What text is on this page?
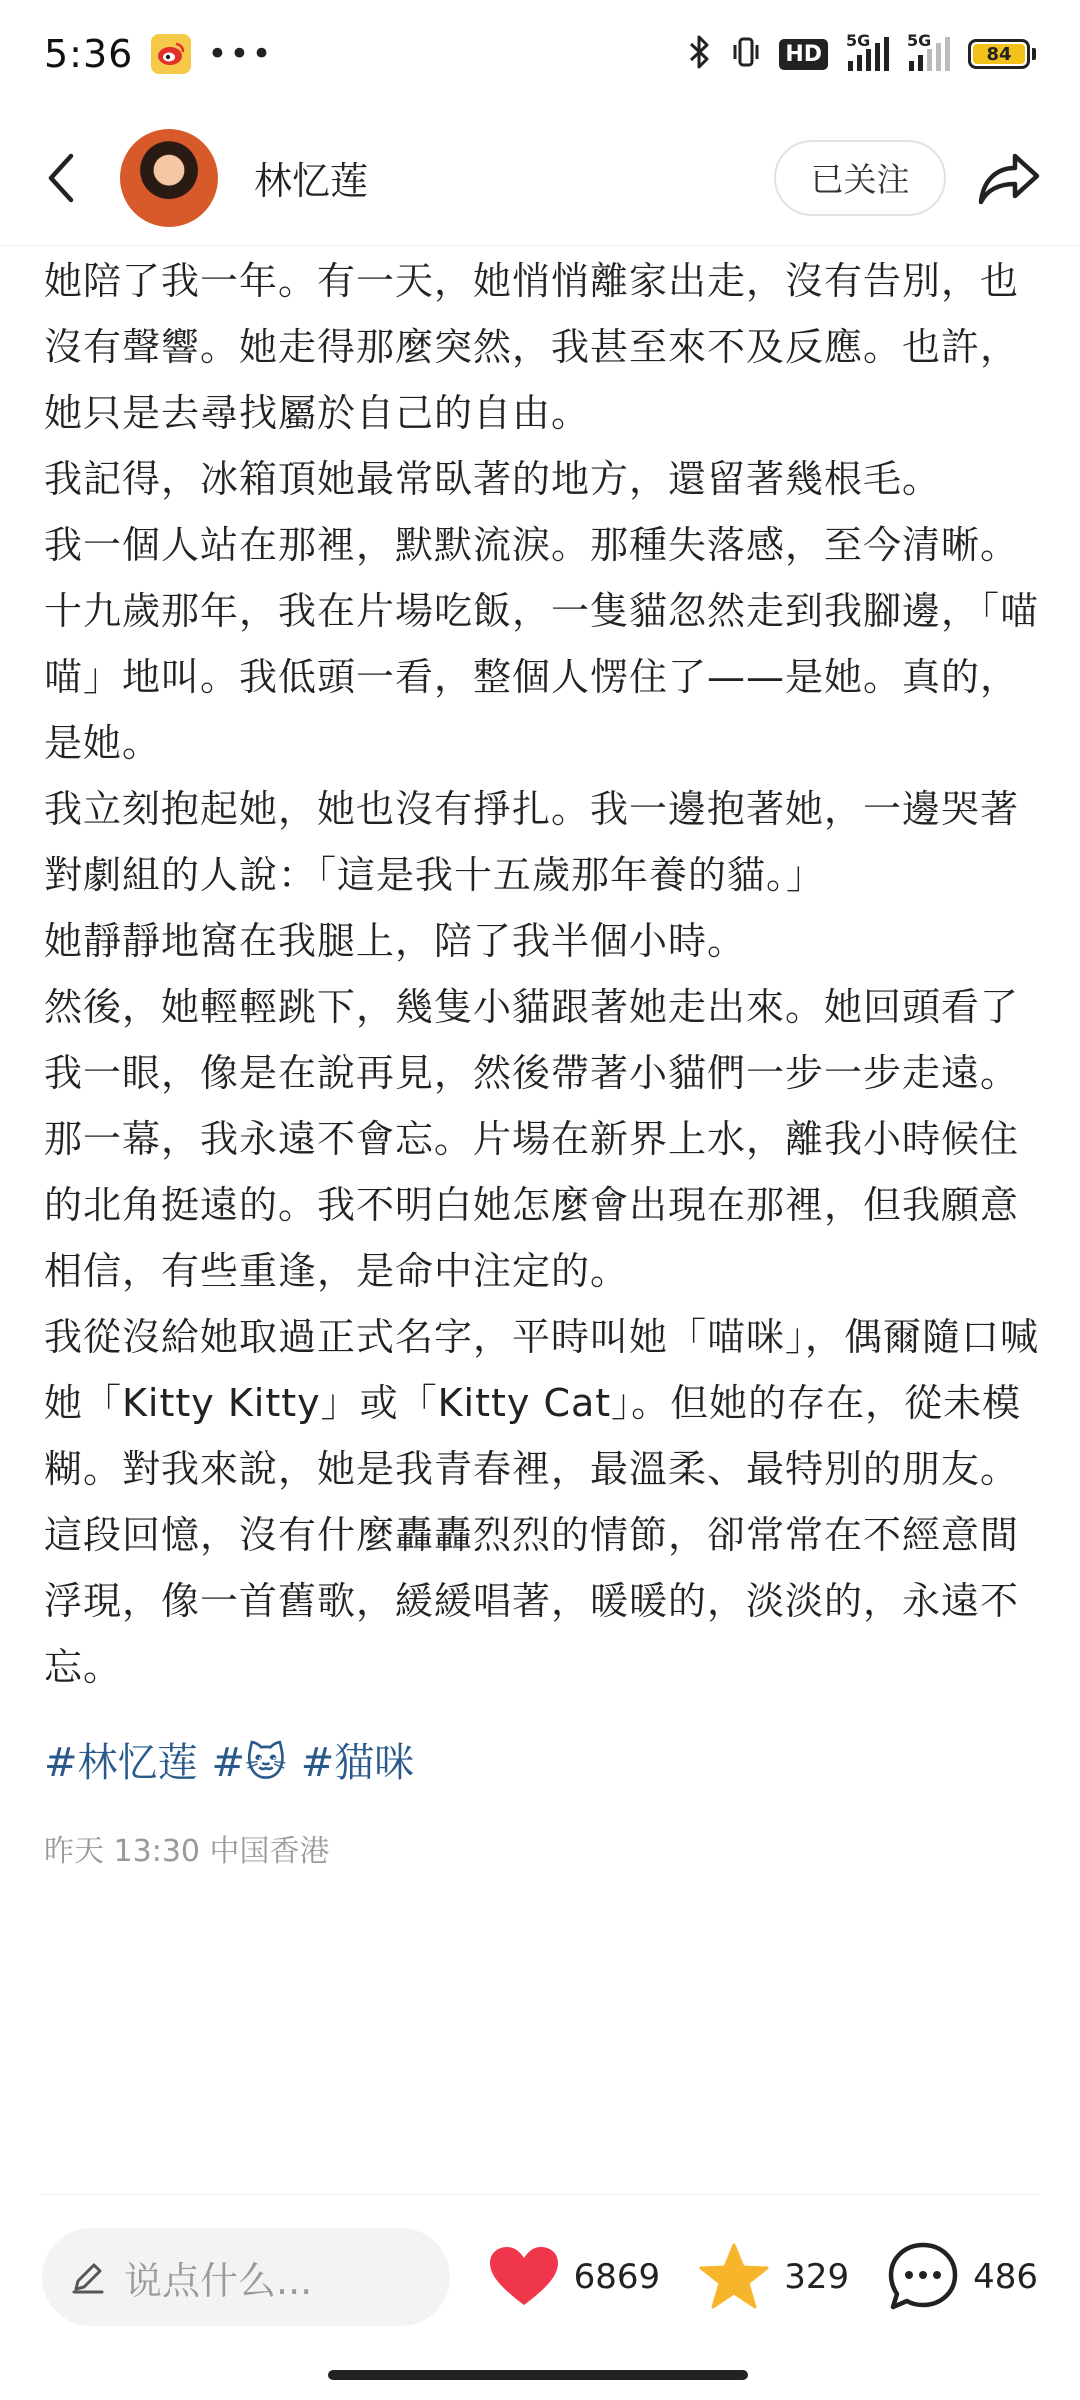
5:36 •••	HD
5G 5G
84
林忆莲	已关注

她陪了我一年。有一天，她悄悄離家出走，沒有告別，也沒有聲響。她走得那麼突然，我甚至來不及反應。也許，她只是去尋找屬於自己的自由。

我記得，冰箱頂她最常臥著的地方，還留著幾根毛。

我一個人站在那裡，默默流淚。那種失落感，至今清晰。

十九歲那年，我在片場吃飯，一隻貓忽然走到我腳邊，「喵喵」地叫。我低頭一看，整個人愣住了——是她。真的，是她。

我立刻抱起她，她也沒有掙扎。我一邊抱著她，一邊哭著對劇組的人說：「這是我十五歲那年養的貓。」

她靜靜地窩在我腿上，陪了我半個小時。

然後，她輕輕跳下，幾隻小貓跟著她走出來。她回頭看了我一眼，像是在說再見，然後帶著小貓們一步一步走遠。

那一幕，我永遠不會忘。片場在新界上水，離我小時候住的北角挺遠的。我不明白她怎麼會出現在那裡，但我願意相信，有些重逢，是命中注定的。

我從沒給她取過正式名字，平時叫她「喵咪」，偶爾隨口喊她「Kitty Kitty」或「Kitty Cat」。但她的存在，從未模糊。對我來說，她是我青春裡，最溫柔、最特別的朋友。

這段回憶，沒有什麼轟轟烈烈的情節，卻常常在不經意間浮現，像一首舊歌，緩緩唱著，暖暖的，淡淡的，永遠不忘。

#林忆莲 #🐱 #猫咪
昨天 13:30 中国香港
说点什么...	6869	329	486
